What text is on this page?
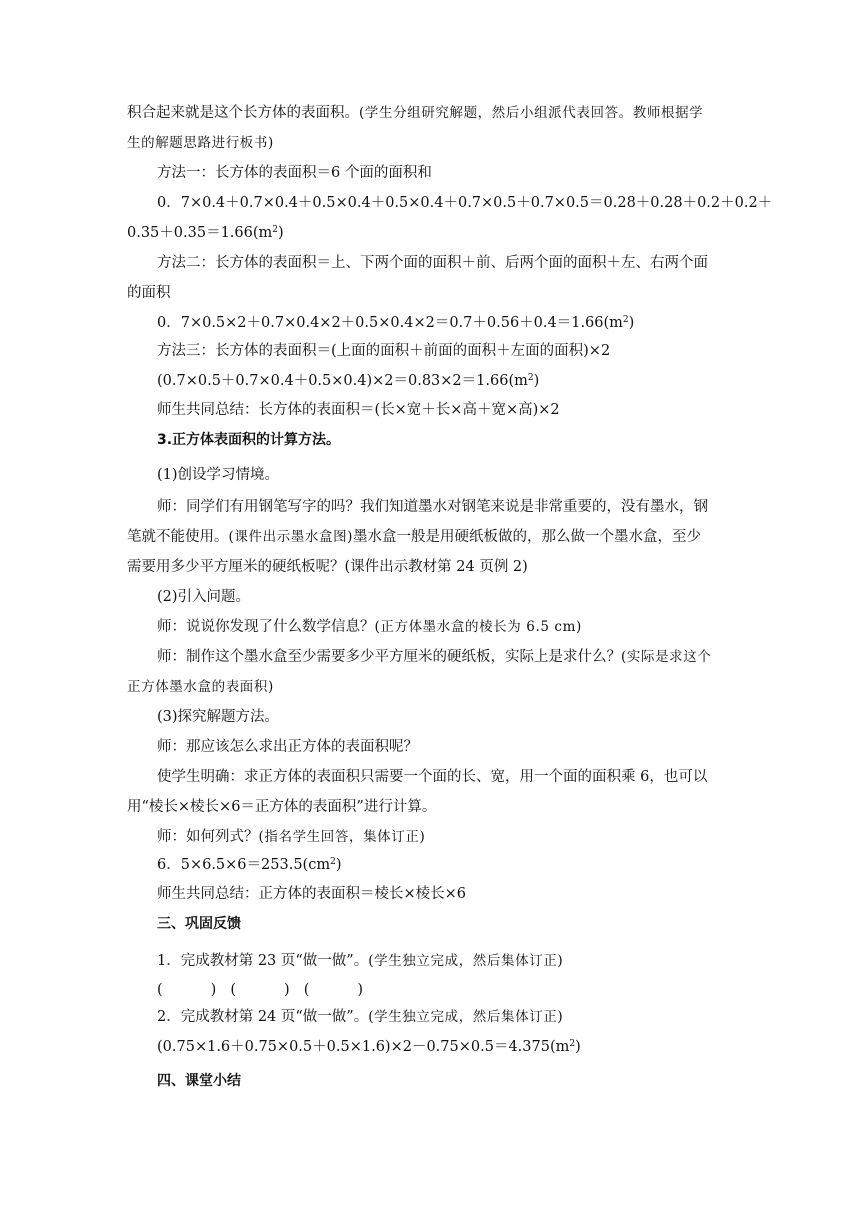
积合起来就是这个长方体的表面积。(学生分组研究解题，然后小组派代表回答。教师根据学
生的解题思路进行板书)
方法一：长方体的表面积＝6 个面的面积和
0．7×0.4＋0.7×0.4＋0.5×0.4＋0.5×0.4＋0.7×0.5＋0.7×0.5＝0.28＋0.28＋0.2＋0.2＋
$0.35+0.35=1.66(m^2)$
方法二：长方体的表面积＝上、下两个面的面积＋前、后两个面的面积＋左、右两个面
的面积
0．$7\times 0.5\times 2+0.7\times 0.4\times 2+0.5\times 0.4\times 2=0.7+0.56+0.4=1.66(m^2)$
方法三：长方体的表面积＝(上面的面积＋前面的面积＋左面的面积)×2
$(0.7\times 0.5+0.7\times 0.4+0.5\times 0.4)\times 2=0.83\times 2=1.66(m^2)$
师生共同总结：长方体的表面积＝(长×宽＋长×高＋宽×高)×2
3.正方体表面积的计算方法。
(1)创设学习情境。
师：同学们有用钢笔写字的吗？我们知道墨水对钢笔来说是非常重要的，没有墨水，钢
笔就不能使用。(课件出示墨水盒图)墨水盒一般是用硬纸板做的，那么做一个墨水盒，至少
需要用多少平方厘米的硬纸板呢？(课件出示教材第 24 页例 2)
(2)引入问题。
师：说说你发现了什么数学信息？(正方体墨水盒的棱长为 6.5 cm)
师：制作这个墨水盒至少需要多少平方厘米的硬纸板，实际上是求什么？(实际是求这个
正方体墨水盒的表面积)
(3)探究解题方法。
师：那应该怎么求出正方体的表面积呢？
使学生明确：求正方体的表面积只需要一个面的长、宽，用一个面的面积乘 6，也可以
用“棱长×棱长×6＝正方体的表面积”进行计算。
师：如何列式？(指名学生回答，集体订正)
6．$5\times 6.5\times 6=253.5(cm^2)$
师生共同总结：正方体的表面积＝棱长×棱长×6
三、巩固反馈
1．完成教材第 23 页“做一做”。(学生独立完成，然后集体订正)
(	) (	) (	)
2．完成教材第 24 页“做一做”。(学生独立完成，然后集体订正)
$(0.75\times 1.6+0.75\times 0.5+0.5\times 1.6)\times 2-0.75\times 0.5=4.375(m^2)$
四、课堂小结
